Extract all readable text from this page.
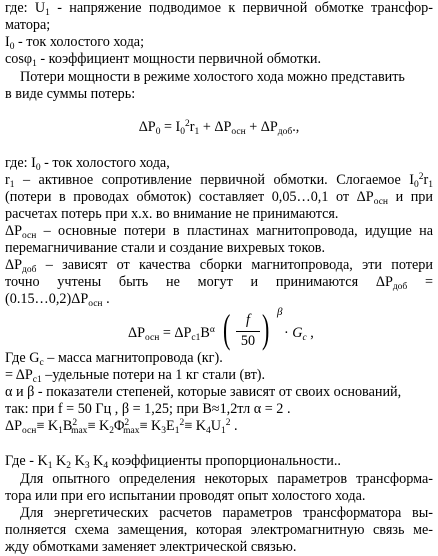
где: $U_1$ - напряжение подводимое к первичной обмотке трансфор-
матора;
$I_0$ - ток холостого хода;
cosφ$_1$ - коэффициент мощности первичной обмотки.
Потери мощности в режиме холостого хода можно представить
в виде суммы потерь:
$\Delta P_0 = I_0^2r_1 + \Delta P_{осн} + \Delta P_{доб}$.,
где: $I_0$ - ток холостого хода,
$r_1$ – активное сопротивление первичной обмотки. Слогаемое $I_0^2r_1$
(потери в проводах обмоток) составляет 0,05…0,1 от $\Delta P_{осн}$ и при
расчетах потерь при х.х. во внимание не принимаются.
$\Delta P_{осн}$ – основные потери в пластинах магнитопровода, идущие на
перемагничивание стали и создание вихревых токов.
$\Delta P_{доб}$ – зависят от качества сборки магнитопровода, эти потери
точно учтены быть не могут и принимаются $\Delta P_{доб}$ =
$(0.15\dots 0,2)\Delta P_{осн}$ .
$\Delta P_{осн} = \Delta P_{с1}B^\alpha$ (	f
50 ) β
· $G_c$ ,
Где $G_c$ – масса магнитопровода (кг).
= $\Delta P_{с1}$ –удельные потери на 1 кг стали (вт).
α и β - показатели степеней, которые зависят от своих оснований,
так: при f = 50 Гц , β = 1,25; при B≈1,2тл α = 2 .
$\Delta P_{осн}\equiv K_1B^2_{max}\equiv K_2\Phi^2_{max}\equiv K_3E_1^2\equiv K_4U_1^2$ .
Где - $K_1$ $K_2$ $K_3$ $K_4$ коэффициенты пропорциональности..
Для опытного определения некоторых параметров трансформа-
тора или при его испытании проводят опыт холостого хода.
Для энергетических расчетов параметров трансформатора вы-
полняется схема замещения, которая электромагнитную связь ме-
жду обмотками заменяет электрической связью.
